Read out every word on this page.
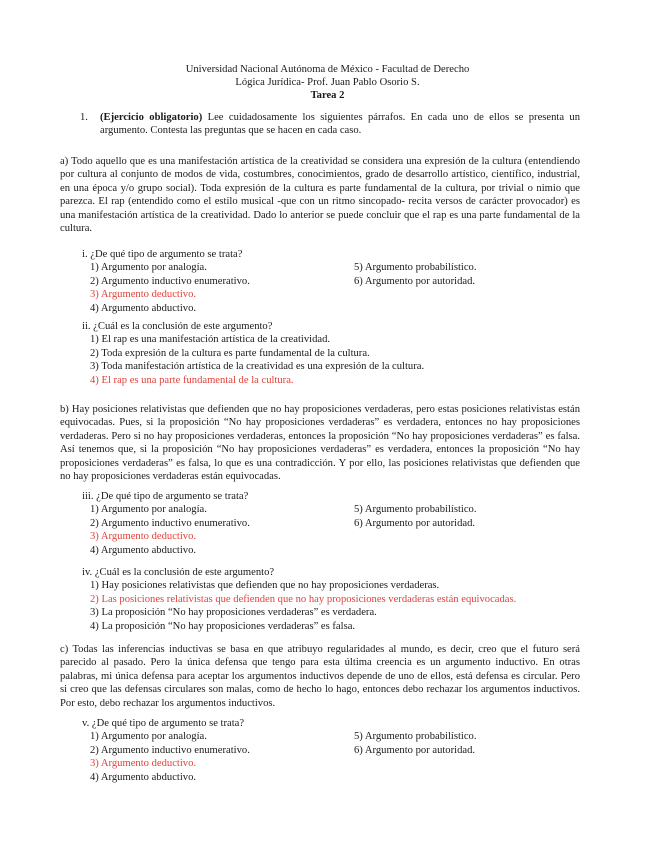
Universidad Nacional Autónoma de México - Facultad de Derecho
Lógica Jurídica- Prof. Juan Pablo Osorio S.
Tarea 2
1. (Ejercicio obligatorio) Lee cuidadosamente los siguientes párrafos. En cada uno de ellos se presenta un argumento. Contesta las preguntas que se hacen en cada caso.
a) Todo aquello que es una manifestación artística de la creatividad se considera una expresión de la cultura (entendiendo por cultura al conjunto de modos de vida, costumbres, conocimientos, grado de desarrollo artístico, científico, industrial, en una época y/o grupo social). Toda expresión de la cultura es parte fundamental de la cultura, por trivial o nimio que parezca. El rap (entendido como el estilo musical -que con un ritmo sincopado- recita versos de carácter provocador) es una manifestación artística de la creatividad. Dado lo anterior se puede concluir que el rap es una parte fundamental de la cultura.
i. ¿De qué tipo de argumento se trata?
1) Argumento por analogía.
2) Argumento inductivo enumerativo.
3) Argumento deductivo.
4) Argumento abductivo.
5) Argumento probabilístico.
6) Argumento por autoridad.
ii. ¿Cuál es la conclusión de este argumento?
1) El rap es una manifestación artística de la creatividad.
2) Toda expresión de la cultura es parte fundamental de la cultura.
3) Toda manifestación artística de la creatividad es una expresión de la cultura.
4) El rap es una parte fundamental de la cultura.
b) Hay posiciones relativistas que defienden que no hay proposiciones verdaderas, pero estas posiciones relativistas están equivocadas. Pues, si la proposición “No hay proposiciones verdaderas” es verdadera, entonces no hay proposiciones verdaderas. Pero si no hay proposiciones verdaderas, entonces la proposición “No hay proposiciones verdaderas” es falsa. Así tenemos que, si la proposición “No hay proposiciones verdaderas” es verdadera, entonces la proposición “No hay proposiciones verdaderas” es falsa, lo que es una contradicción. Y por ello, las posiciones relativistas que defienden que no hay proposiciones verdaderas están equivocadas.
iii. ¿De qué tipo de argumento se trata?
1) Argumento por analogía.
2) Argumento inductivo enumerativo.
3) Argumento deductivo.
4) Argumento abductivo.
5) Argumento probabilístico.
6) Argumento por autoridad.
iv. ¿Cuál es la conclusión de este argumento?
1) Hay posiciones relativistas que defienden que no hay proposiciones verdaderas.
2) Las posiciones relativistas que defienden que no hay proposiciones verdaderas están equivocadas.
3) La proposición “No hay proposiciones verdaderas” es verdadera.
4) La proposición “No hay proposiciones verdaderas” es falsa.
c) Todas las inferencias inductivas se basa en que atribuyo regularidades al mundo, es decir, creo que el futuro será parecido al pasado. Pero la única defensa que tengo para esta última creencia es un argumento inductivo. En otras palabras, mi única defensa para aceptar los argumentos inductivos depende de uno de ellos, está defensa es circular. Pero si creo que las defensas circulares son malas, como de hecho lo hago, entonces debo rechazar los argumentos inductivos. Por esto, debo rechazar los argumentos inductivos.
v. ¿De qué tipo de argumento se trata?
1) Argumento por analogía.
2) Argumento inductivo enumerativo.
3) Argumento deductivo.
4) Argumento abductivo.
5) Argumento probabilístico.
6) Argumento por autoridad.
